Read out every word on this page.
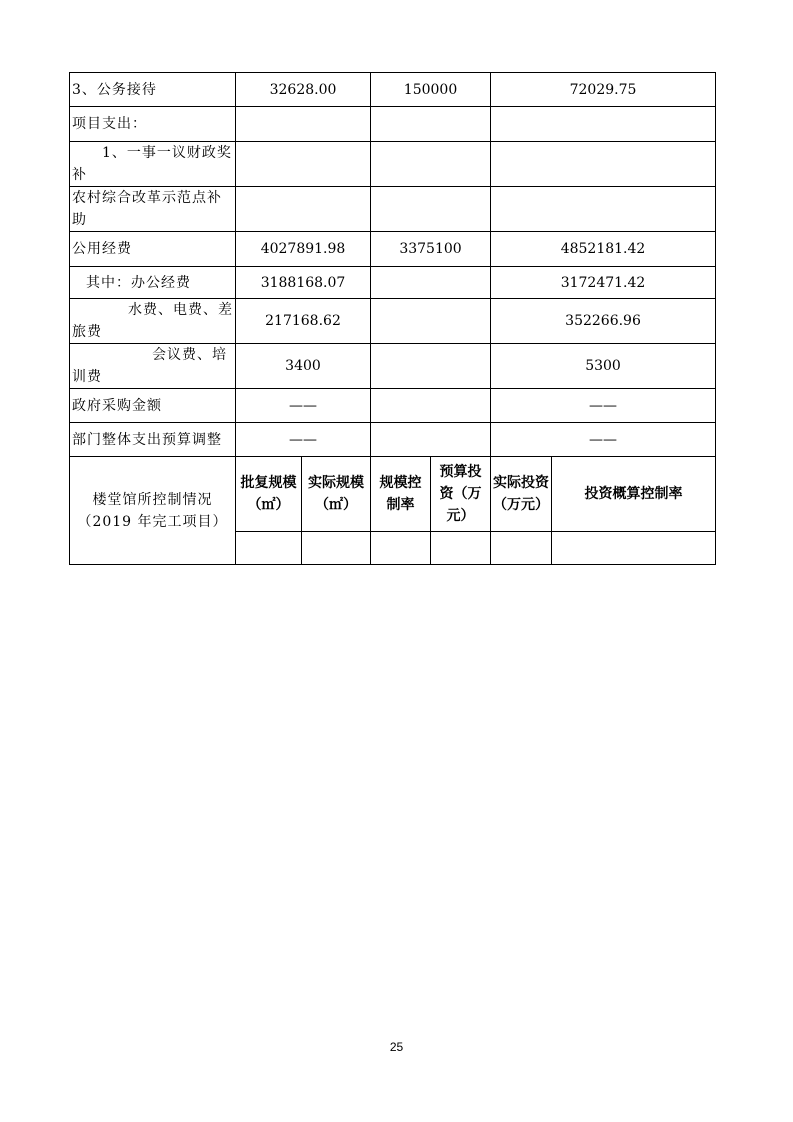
3、公务接待	32628.00		150000		72029.75	
项目支出：						
1、一事一议财政奖补						
农村综合改革示范点补助						
公用经费	4027891.98		3375100		4852181.42	
其中：办公经费	3188168.07				3172471.42	
水费、电费、差
旅费	217168.62				352266.96	
会议费、培
训费	3400				5300	
政府采购金额	——				——	
部门整体支出预算调整	——				——	
楼堂馆所控制情况
（2019 年完工项目）	批复规模（㎡）	实际规模（㎡）	规模控制率	预算投资（万元）	实际投资（万元）	投资概算控制率

25
